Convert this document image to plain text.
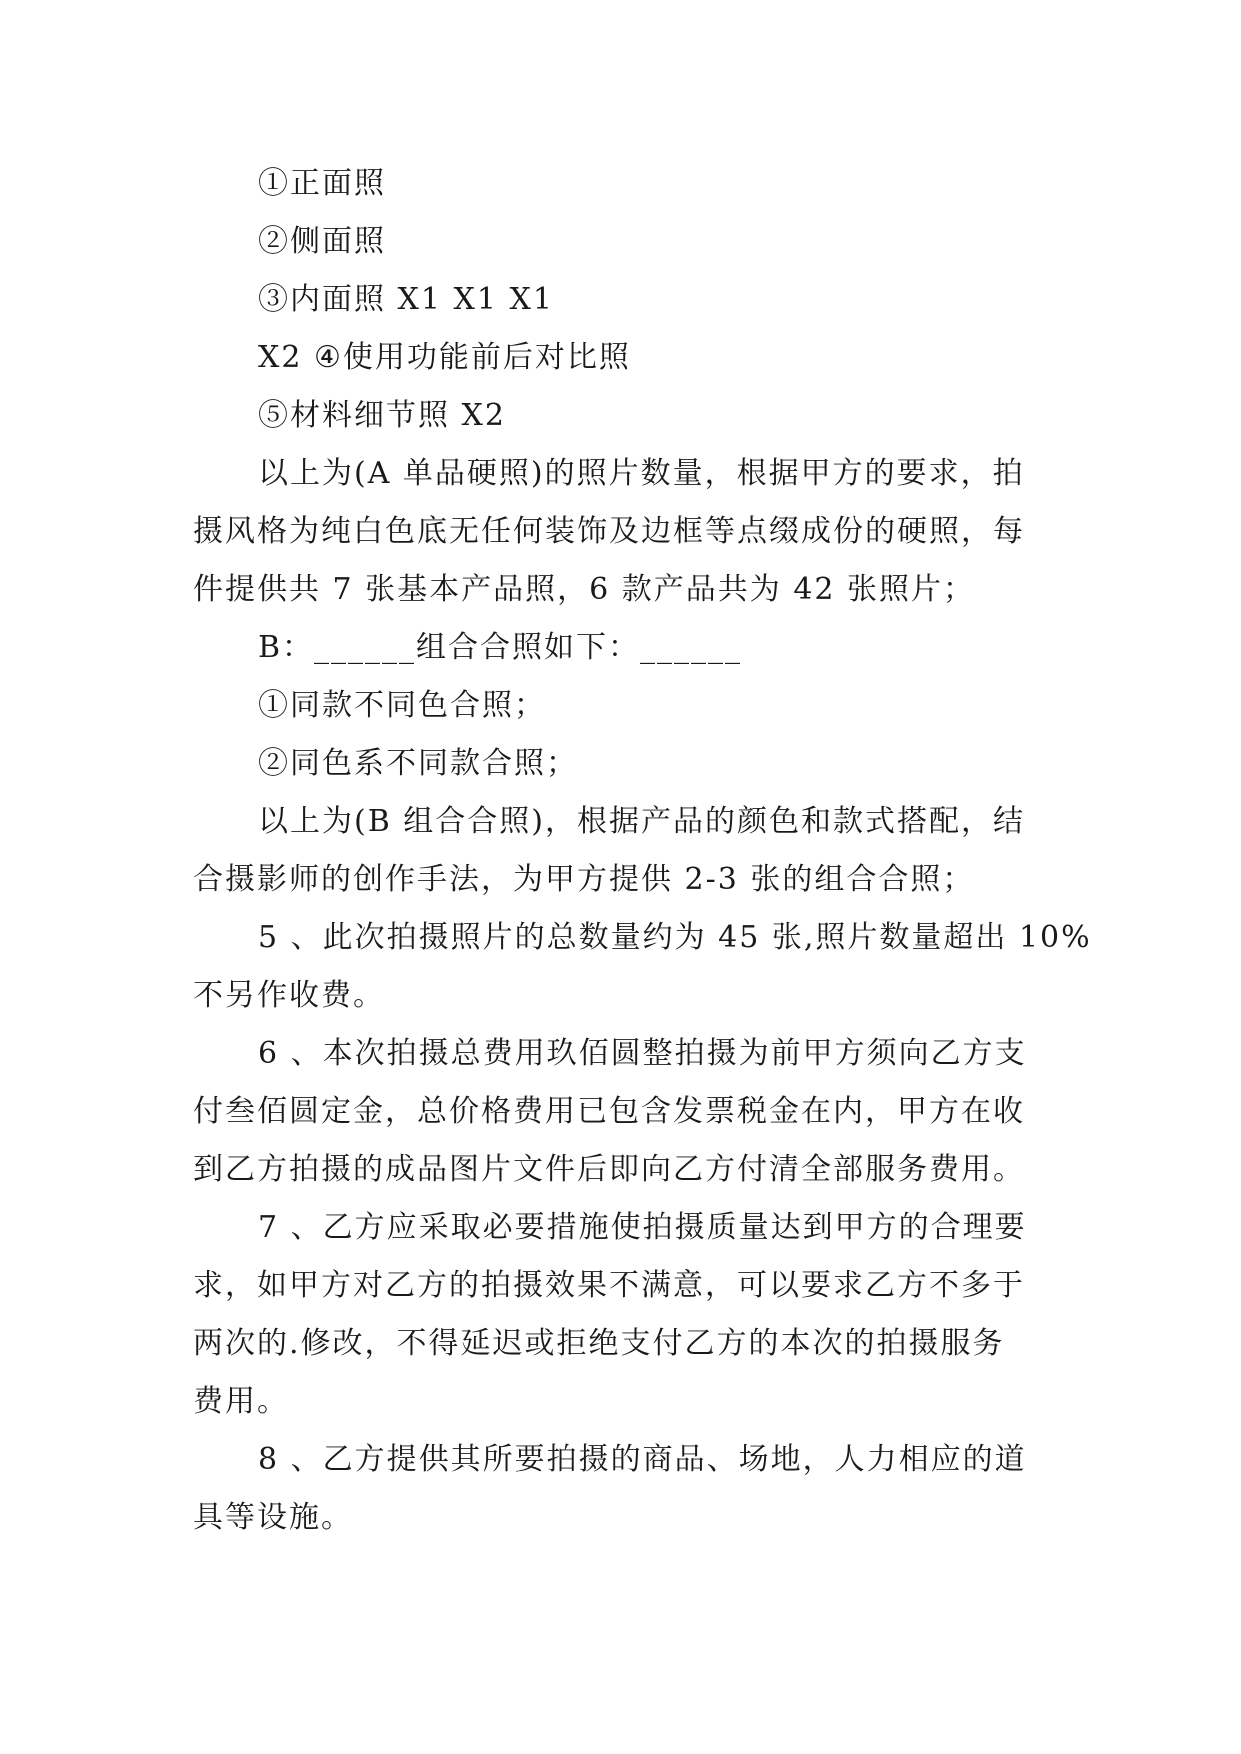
①正面照
②侧面照
③内面照 X1 X1 X1
X2 ④使用功能前后对比照
⑤材料细节照 X2
以上为(A 单品硬照)的照片数量，根据甲方的要求，拍
摄风格为纯白色底无任何装饰及边框等点缀成份的硬照，每
件提供共 7 张基本产品照，6 款产品共为 42 张照片；
B：______组合合照如下：______
①同款不同色合照；
②同色系不同款合照；
以上为(B 组合合照)，根据产品的颜色和款式搭配，结
合摄影师的创作手法，为甲方提供 2-3 张的组合合照；
5 、此次拍摄照片的总数量约为 45 张,照片数量超出 10%
不另作收费。
6 、本次拍摄总费用玖佰圆整拍摄为前甲方须向乙方支
付叁佰圆定金，总价格费用已包含发票税金在内，甲方在收
到乙方拍摄的成品图片文件后即向乙方付清全部服务费用。
7 、乙方应采取必要措施使拍摄质量达到甲方的合理要
求，如甲方对乙方的拍摄效果不满意，可以要求乙方不多于
两次的.修改，不得延迟或拒绝支付乙方的本次的拍摄服务
费用。
8 、乙方提供其所要拍摄的商品、场地，人力相应的道
具等设施。
